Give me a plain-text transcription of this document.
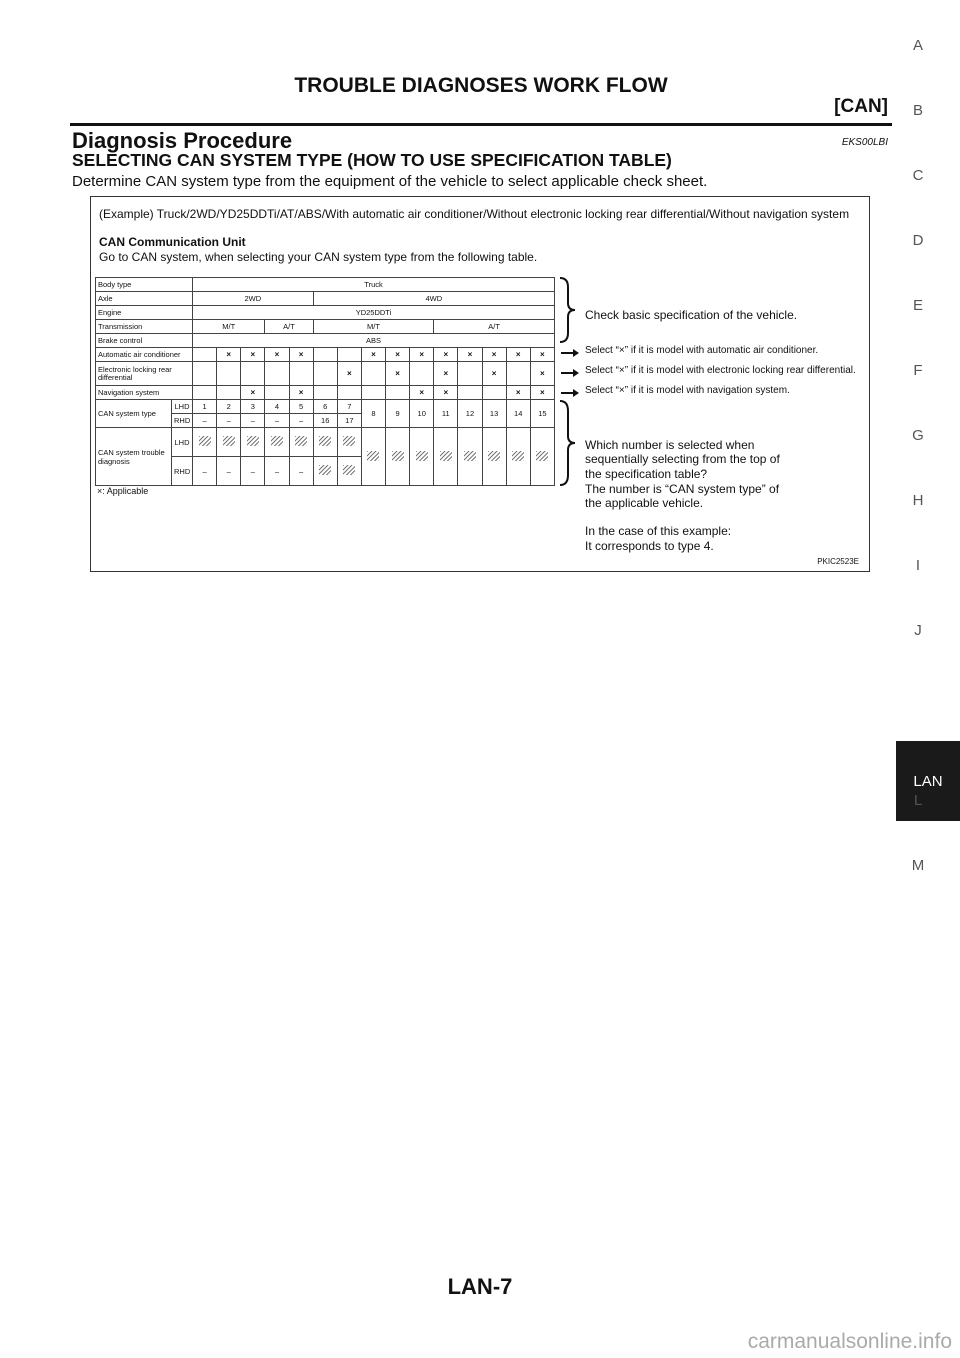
TROUBLE DIAGNOSES WORK FLOW
[CAN]
Diagnosis Procedure	EKS00LBI
SELECTING CAN SYSTEM TYPE (HOW TO USE SPECIFICATION TABLE)
Determine CAN system type from the equipment of the vehicle to select applicable check sheet.
(Example) Truck/2WD/YD25DDTi/AT/ABS/With automatic air conditioner/Without electronic locking rear differential/Without navigation system
CAN Communication Unit
Go to CAN system, when selecting your CAN system type from the following table.
Body type		Truck														
Axle		2WD					4WD									
Engine		YD25DDTi														
Transmission		M/T			A/T		M/T					A/T				
Brake control		ABS														
Automatic air conditioner			×	×	×	×			×	×	×	×	×	×	×	×
Electronic locking rear differential								×		×		×		×		×
Navigation system				×		×					×	×			×	×
CAN system type	LHD	1	2	3	4	5	6	7	8	9	10	11	12	13	14	15
	RHD	–	–	–	–	–	16	17								
CAN system trouble diagnosis	LHD															
	RHD	–	–	–	–	–										
×: Applicable
Check basic specification of the vehicle.
Select “×” if it is model with automatic air conditioner.
Select “×” if it is model with electronic locking rear differential.
Select “×” if it is model with navigation system.
Which number is selected when
sequentially selecting from the top of
the specification table?
The number is “CAN system type” of
the applicable vehicle.
In the case of this example:
It corresponds to type 4.
PKIC2523E
A
B
C
D
E
F
G
H
I
J
LAN
L
M
LAN-7
carmanualsonline.info
